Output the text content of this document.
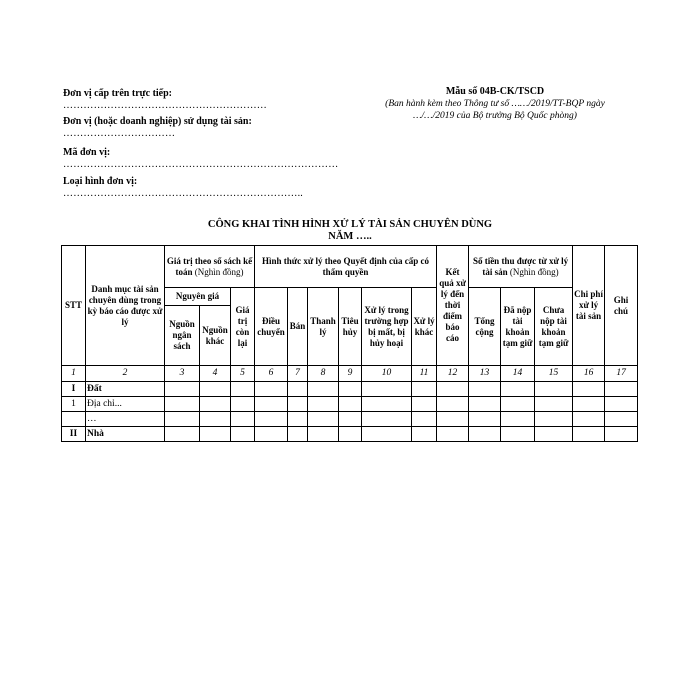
Đơn vị cấp trên trực tiếp:
……………………………………………………
Đơn vị (hoặc doanh nghiệp) sử dụng tài sản:
……………………………
Mã đơn vị:
………………………………………………………………………
Loại hình đơn vị:
……………………………………………………………..
Mẫu số 04B-CK/TSCD
(Ban hành kèm theo Thông tư số ……/2019/TT-BQP ngày
…/…/2019 của Bộ trưởng Bộ Quốc phòng)
CÔNG KHAI TÌNH HÌNH XỬ LÝ TÀI SẢN CHUYÊN DÙNG
NĂM …..
STT	Danh mục tài sản chuyên dùng trong kỳ báo cáo được xử lý	Giá trị theo sổ sách kế toán (Nghìn đồng)			Hình thức xử lý theo Quyết định của cấp có thẩm quyền						Kết quả xử lý đến thời điểm báo cáo	Số tiền thu được từ xử lý tài sản (Nghìn đồng)			Chi phí xử lý tài sản	Ghi chú
		Nguyên giá		Giá trị còn lại	Điều chuyển	Bán	Thanh lý	Tiêu hủy	Xử lý trong trường hợp bị mất, bị hủy hoại	Xử lý khác		Tổng cộng	Đã nộp tài khoản tạm giữ	Chưa nộp tài khoản tạm giữ		
		Nguồn ngân sách	Nguồn khác													
1	2	3	4	5	6	7	8	9	10	11	12	13	14	15	16	17
I	Đất															
1	Địa chỉ...															
	…															
II	Nhà															
